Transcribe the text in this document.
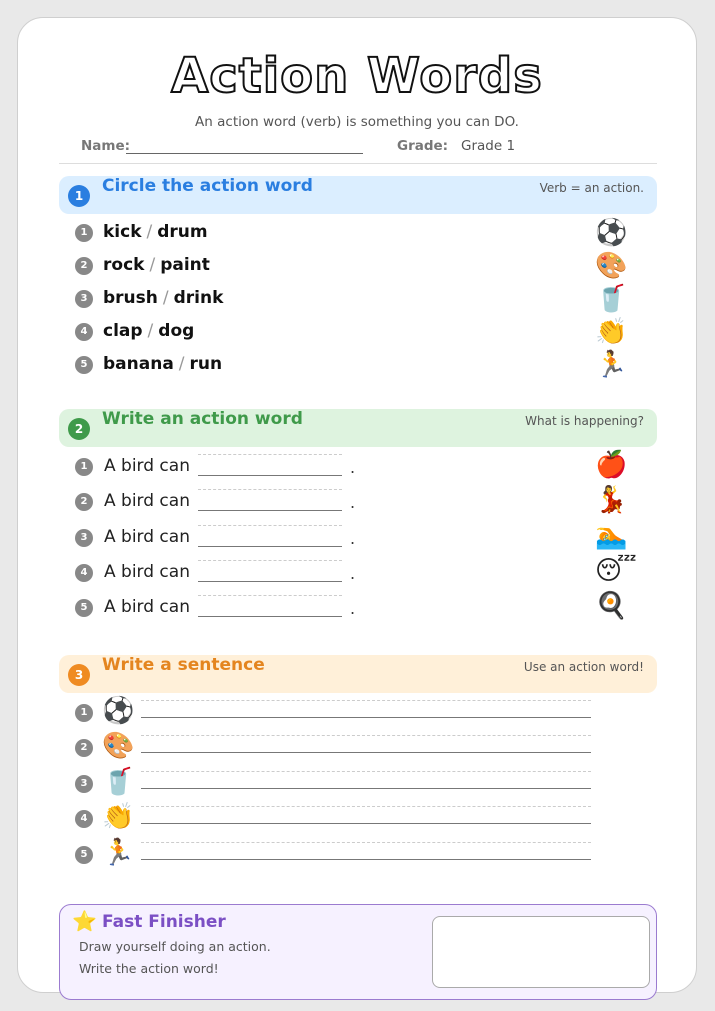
Action Words
An action word (verb) is something you can DO.
Name:	Grade: Grade 1
1	Circle the action word	Verb = an action.
1 kick / drum	⚽
2 rock / paint	🎨
3 brush / drink	🥤
4 clap / dog	👏
5 banana / run	🏃
2	Write an action word	What is happening?
1 A bird can	.	🍎
2 A bird can	.	💃
3 A bird can	.	🏊
4 A bird can	.	😴
5 A bird can	.	🍳
3	Write a sentence	Use an action word!
1 ⚽
2 🎨
3 🥤
4 👏
5 🏃
⭐ Fast Finisher
Draw yourself doing an action.
Write the action word!
